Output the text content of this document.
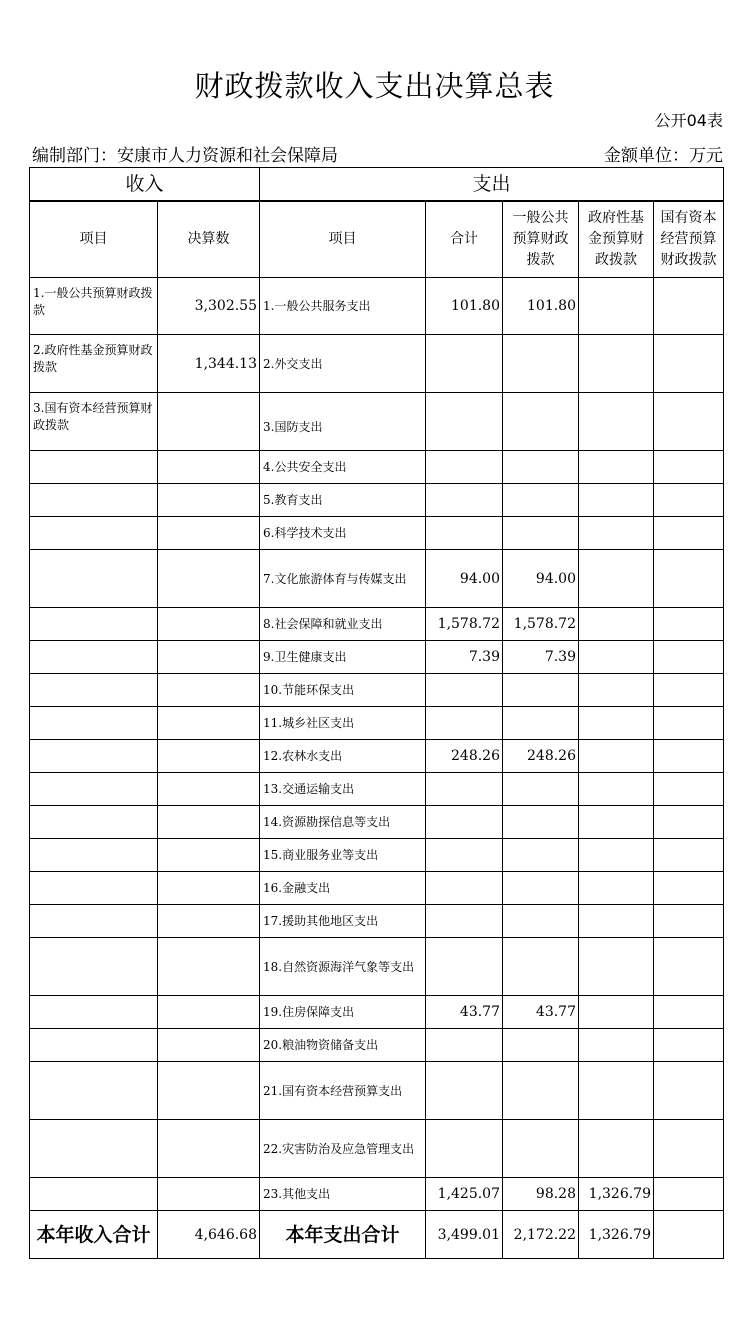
财政拨款收入支出决算总表
公开04表
编制部门：安康市人力资源和社会保障局	金额单位：万元
收入		支出				
项目	决算数	项目	合计	一般公共预算财政拨款	政府性基金预算财政拨款	国有资本经营预算财政拨款
1.一般公共预算财政拨款	3,302.55	1.一般公共服务支出	101.80	101.80		
2.政府性基金预算财政拨款	1,344.13	2.外交支出				
3.国有资本经营预算财政拨款		3.国防支出				
		4.公共安全支出				
		5.教育支出				
		6.科学技术支出				
		7.文化旅游体育与传媒支出	94.00	94.00		
		8.社会保障和就业支出	1,578.72	1,578.72		
		9.卫生健康支出	7.39	7.39		
		10.节能环保支出				
		11.城乡社区支出				
		12.农林水支出	248.26	248.26		
		13.交通运输支出				
		14.资源勘探信息等支出				
		15.商业服务业等支出				
		16.金融支出				
		17.援助其他地区支出				
		18.自然资源海洋气象等支出				
		19.住房保障支出	43.77	43.77		
		20.粮油物资储备支出				
		21.国有资本经营预算支出				
		22.灾害防治及应急管理支出				
		23.其他支出	1,425.07	98.28	1,326.79	
本年收入合计	4,646.68	本年支出合计	3,499.01	2,172.22	1,326.79	
